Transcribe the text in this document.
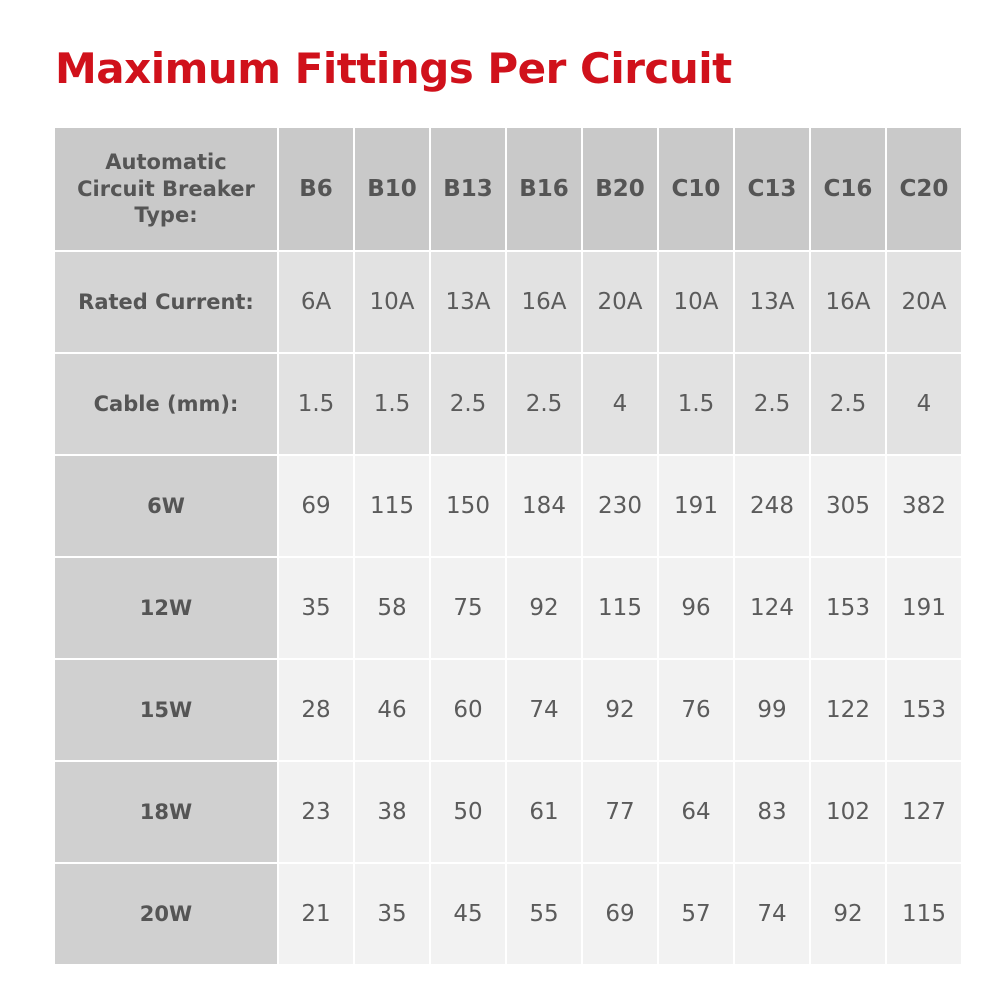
Maximum Fittings Per Circuit
Automatic Circuit Breaker Type:	B6	B10	B13	B16	B20	C10	C13	C16	C20
Rated Current:	6A	10A	13A	16A	20A	10A	13A	16A	20A
Cable (mm):	1.5	1.5	2.5	2.5	4	1.5	2.5	2.5	4
6W	69	115	150	184	230	191	248	305	382
12W	35	58	75	92	115	96	124	153	191
15W	28	46	60	74	92	76	99	122	153
18W	23	38	50	61	77	64	83	102	127
20W	21	35	45	55	69	57	74	92	115
